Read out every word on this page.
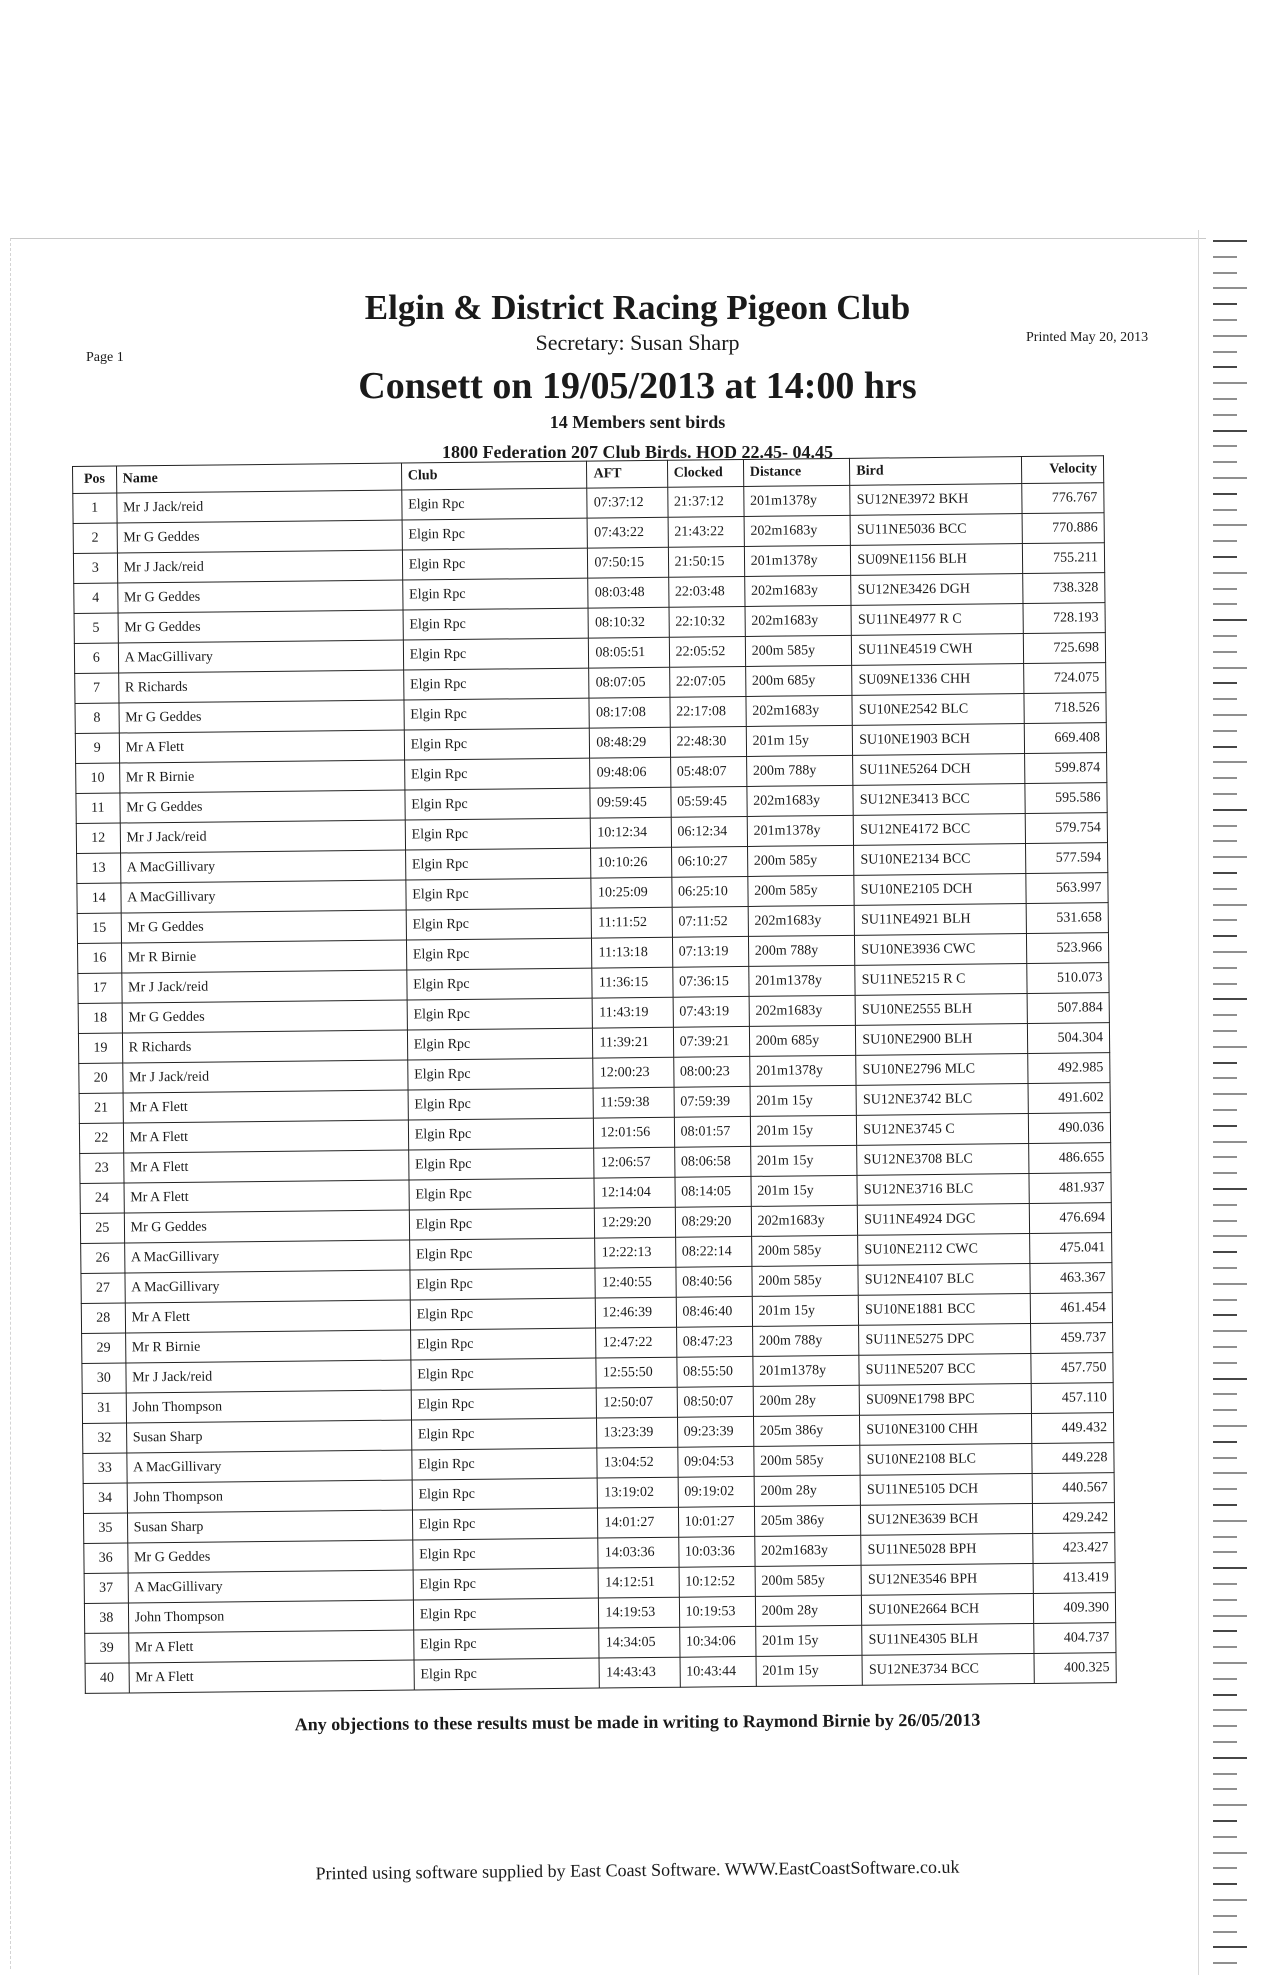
Page 1
Printed May 20, 2013
Elgin & District Racing Pigeon Club
Secretary: Susan Sharp
Consett on 19/05/2013 at 14:00 hrs
14 Members sent birds
1800 Federation 207 Club Birds. HOD 22.45- 04.45
Pos	Name	Club	AFT	Clocked	Distance	Bird	Velocity
1	Mr J Jack/reid	Elgin Rpc	07:37:12	21:37:12	201m1378y	SU12NE3972 BKH	776.767
2	Mr G Geddes	Elgin Rpc	07:43:22	21:43:22	202m1683y	SU11NE5036 BCC	770.886
3	Mr J Jack/reid	Elgin Rpc	07:50:15	21:50:15	201m1378y	SU09NE1156 BLH	755.211
4	Mr G Geddes	Elgin Rpc	08:03:48	22:03:48	202m1683y	SU12NE3426 DGH	738.328
5	Mr G Geddes	Elgin Rpc	08:10:32	22:10:32	202m1683y	SU11NE4977 R C	728.193
6	A MacGillivary	Elgin Rpc	08:05:51	22:05:52	200m 585y	SU11NE4519 CWH	725.698
7	R Richards	Elgin Rpc	08:07:05	22:07:05	200m 685y	SU09NE1336 CHH	724.075
8	Mr G Geddes	Elgin Rpc	08:17:08	22:17:08	202m1683y	SU10NE2542 BLC	718.526
9	Mr A Flett	Elgin Rpc	08:48:29	22:48:30	201m 15y	SU10NE1903 BCH	669.408
10	Mr R Birnie	Elgin Rpc	09:48:06	05:48:07	200m 788y	SU11NE5264 DCH	599.874
11	Mr G Geddes	Elgin Rpc	09:59:45	05:59:45	202m1683y	SU12NE3413 BCC	595.586
12	Mr J Jack/reid	Elgin Rpc	10:12:34	06:12:34	201m1378y	SU12NE4172 BCC	579.754
13	A MacGillivary	Elgin Rpc	10:10:26	06:10:27	200m 585y	SU10NE2134 BCC	577.594
14	A MacGillivary	Elgin Rpc	10:25:09	06:25:10	200m 585y	SU10NE2105 DCH	563.997
15	Mr G Geddes	Elgin Rpc	11:11:52	07:11:52	202m1683y	SU11NE4921 BLH	531.658
16	Mr R Birnie	Elgin Rpc	11:13:18	07:13:19	200m 788y	SU10NE3936 CWC	523.966
17	Mr J Jack/reid	Elgin Rpc	11:36:15	07:36:15	201m1378y	SU11NE5215 R C	510.073
18	Mr G Geddes	Elgin Rpc	11:43:19	07:43:19	202m1683y	SU10NE2555 BLH	507.884
19	R Richards	Elgin Rpc	11:39:21	07:39:21	200m 685y	SU10NE2900 BLH	504.304
20	Mr J Jack/reid	Elgin Rpc	12:00:23	08:00:23	201m1378y	SU10NE2796 MLC	492.985
21	Mr A Flett	Elgin Rpc	11:59:38	07:59:39	201m 15y	SU12NE3742 BLC	491.602
22	Mr A Flett	Elgin Rpc	12:01:56	08:01:57	201m 15y	SU12NE3745 C	490.036
23	Mr A Flett	Elgin Rpc	12:06:57	08:06:58	201m 15y	SU12NE3708 BLC	486.655
24	Mr A Flett	Elgin Rpc	12:14:04	08:14:05	201m 15y	SU12NE3716 BLC	481.937
25	Mr G Geddes	Elgin Rpc	12:29:20	08:29:20	202m1683y	SU11NE4924 DGC	476.694
26	A MacGillivary	Elgin Rpc	12:22:13	08:22:14	200m 585y	SU10NE2112 CWC	475.041
27	A MacGillivary	Elgin Rpc	12:40:55	08:40:56	200m 585y	SU12NE4107 BLC	463.367
28	Mr A Flett	Elgin Rpc	12:46:39	08:46:40	201m 15y	SU10NE1881 BCC	461.454
29	Mr R Birnie	Elgin Rpc	12:47:22	08:47:23	200m 788y	SU11NE5275 DPC	459.737
30	Mr J Jack/reid	Elgin Rpc	12:55:50	08:55:50	201m1378y	SU11NE5207 BCC	457.750
31	John Thompson	Elgin Rpc	12:50:07	08:50:07	200m 28y	SU09NE1798 BPC	457.110
32	Susan Sharp	Elgin Rpc	13:23:39	09:23:39	205m 386y	SU10NE3100 CHH	449.432
33	A MacGillivary	Elgin Rpc	13:04:52	09:04:53	200m 585y	SU10NE2108 BLC	449.228
34	John Thompson	Elgin Rpc	13:19:02	09:19:02	200m 28y	SU11NE5105 DCH	440.567
35	Susan Sharp	Elgin Rpc	14:01:27	10:01:27	205m 386y	SU12NE3639 BCH	429.242
36	Mr G Geddes	Elgin Rpc	14:03:36	10:03:36	202m1683y	SU11NE5028 BPH	423.427
37	A MacGillivary	Elgin Rpc	14:12:51	10:12:52	200m 585y	SU12NE3546 BPH	413.419
38	John Thompson	Elgin Rpc	14:19:53	10:19:53	200m 28y	SU10NE2664 BCH	409.390
39	Mr A Flett	Elgin Rpc	14:34:05	10:34:06	201m 15y	SU11NE4305 BLH	404.737
40	Mr A Flett	Elgin Rpc	14:43:43	10:43:44	201m 15y	SU12NE3734 BCC	400.325
Any objections to these results must be made in writing to Raymond Birnie by 26/05/2013
Printed using software supplied by East Coast Software. WWW.EastCoastSoftware.co.uk
